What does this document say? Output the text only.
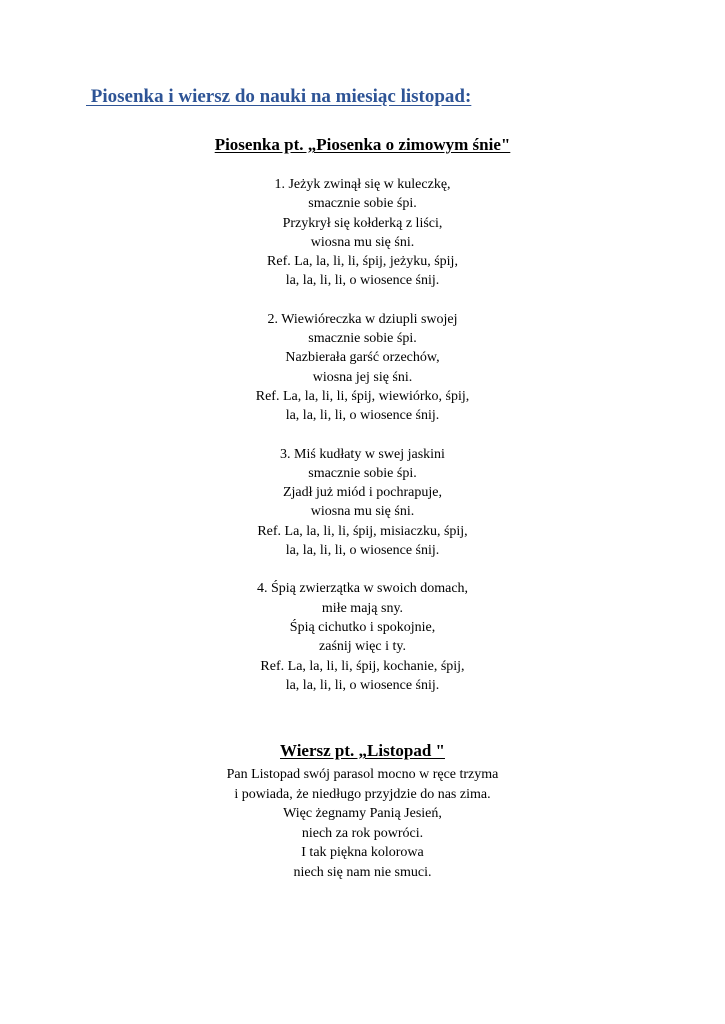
Piosenka i wiersz do nauki na miesiąc listopad:
Piosenka pt. „Piosenka o zimowym śnie"
1. Jeżyk zwinął się w kuleczkę,
smacznie sobie śpi.
Przykrył się kołderką z liści,
wiosna mu się śni.
Ref. La, la, li, li, śpij, jeżyku, śpij,
la, la, li, li, o wiosence śnij.
2. Wiewióreczka w dziupli swojej
smacznie sobie śpi.
Nazbierała garść orzechów,
wiosna jej się śni.
Ref. La, la, li, li, śpij, wiewiórko, śpij,
la, la, li, li, o wiosence śnij.
3. Miś kudłaty w swej jaskini
smacznie sobie śpi.
Zjadł już miód i pochrapuje,
wiosna mu się śni.
Ref. La, la, li, li, śpij, misiaczku, śpij,
la, la, li, li, o wiosence śnij.
4. Śpią zwierzątka w swoich domach,
miłe mają sny.
Śpią cichutko i spokojnie,
zaśnij więc i ty.
Ref. La, la, li, li, śpij, kochanie, śpij,
la, la, li, li, o wiosence śnij.
Wiersz pt. „Listopad "
Pan Listopad swój parasol mocno w ręce trzyma
i powiada, że niedługo przyjdzie do nas zima.
Więc żegnamy Panią Jesień,
niech za rok powróci.
I tak piękna kolorowa
niech się nam nie smuci.
